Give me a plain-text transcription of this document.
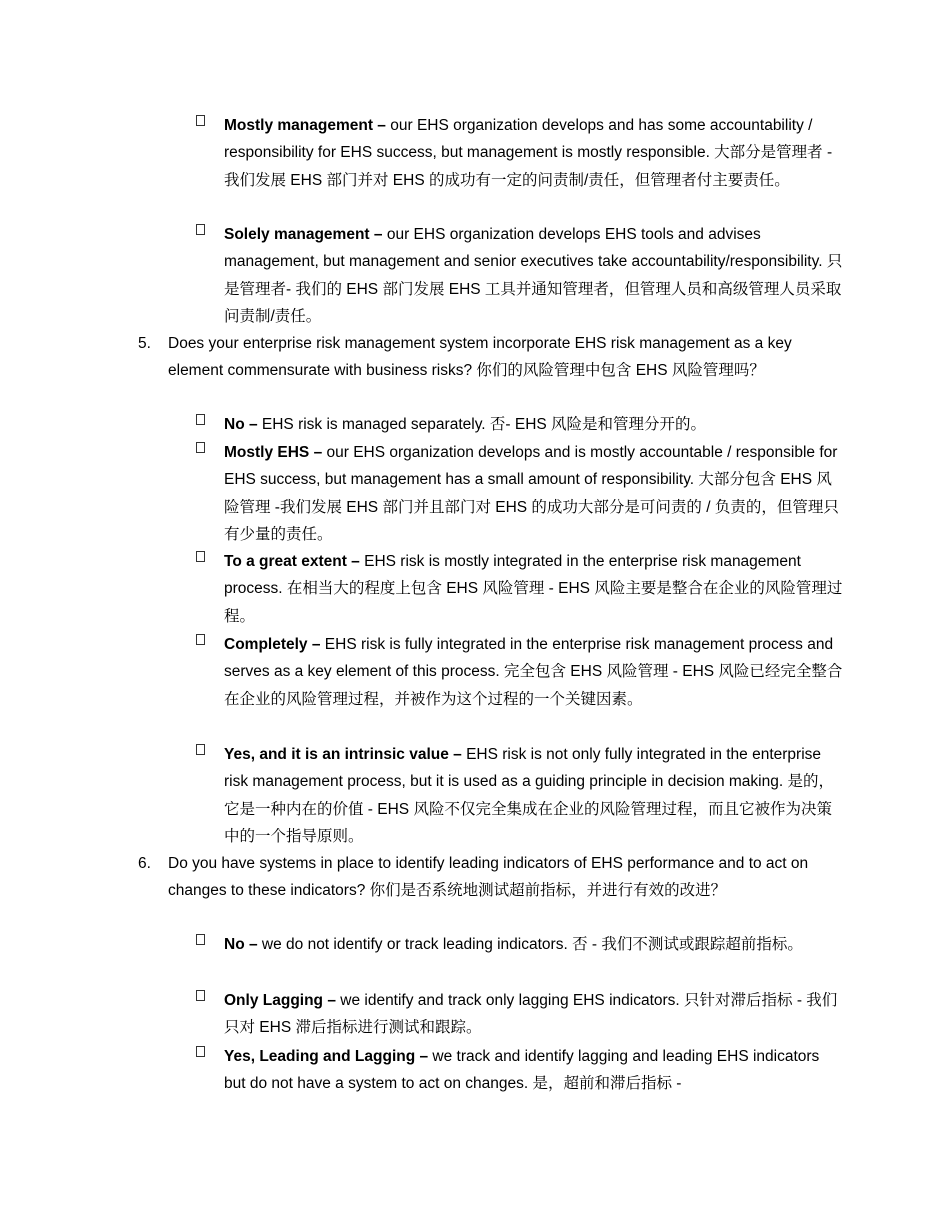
Mostly management – our EHS organization develops and has some accountability / responsibility for EHS success, but management is mostly responsible. 大部分是管理者 - 我们发展 EHS 部门并对 EHS 的成功有一定的问责制/责任，但管理者付主要责任。
Solely management – our EHS organization develops EHS tools and advises management, but management and senior executives take accountability/responsibility. 只是管理者- 我们的 EHS 部门发展 EHS 工具并通知管理者，但管理人员和高级管理人员采取问责制/责任。
5. Does your enterprise risk management system incorporate EHS risk management as a key element commensurate with business risks? 你们的风险管理中包含 EHS 风险管理吗？
No – EHS risk is managed separately. 否- EHS 风险是和管理分开的。
Mostly EHS – our EHS organization develops and is mostly accountable / responsible for EHS success, but management has a small amount of responsibility. 大部分包含 EHS 风险管理 -我们发展 EHS 部门并且部门对 EHS 的成功大部分是可问责的 / 负责的，但管理只有少量的责任。
To a great extent – EHS risk is mostly integrated in the enterprise risk management process. 在相当大的程度上包含 EHS 风险管理 - EHS 风险主要是整合在企业的风险管理过程。
Completely – EHS risk is fully integrated in the enterprise risk management process and serves as a key element of this process. 完全包含 EHS 风险管理 - EHS 风险已经完全整合在企业的风险管理过程，并被作为这个过程的一个关键因素。
Yes, and it is an intrinsic value – EHS risk is not only fully integrated in the enterprise risk management process, but it is used as a guiding principle in decision making. 是的，它是一种内在的价值 - EHS 风险不仅完全集成在企业的风险管理过程，而且它被作为决策中的一个指导原则。
6. Do you have systems in place to identify leading indicators of EHS performance and to act on changes to these indicators? 你们是否系统地测试超前指标，并进行有效的改进？
No – we do not identify or track leading indicators. 否 - 我们不测试或跟踪超前指标。
Only Lagging – we identify and track only lagging EHS indicators. 只针对滞后指标 - 我们只对 EHS 滞后指标进行测试和跟踪。
Yes, Leading and Lagging – we track and identify lagging and leading EHS indicators but do not have a system to act on changes. 是，超前和滞后指标 -
